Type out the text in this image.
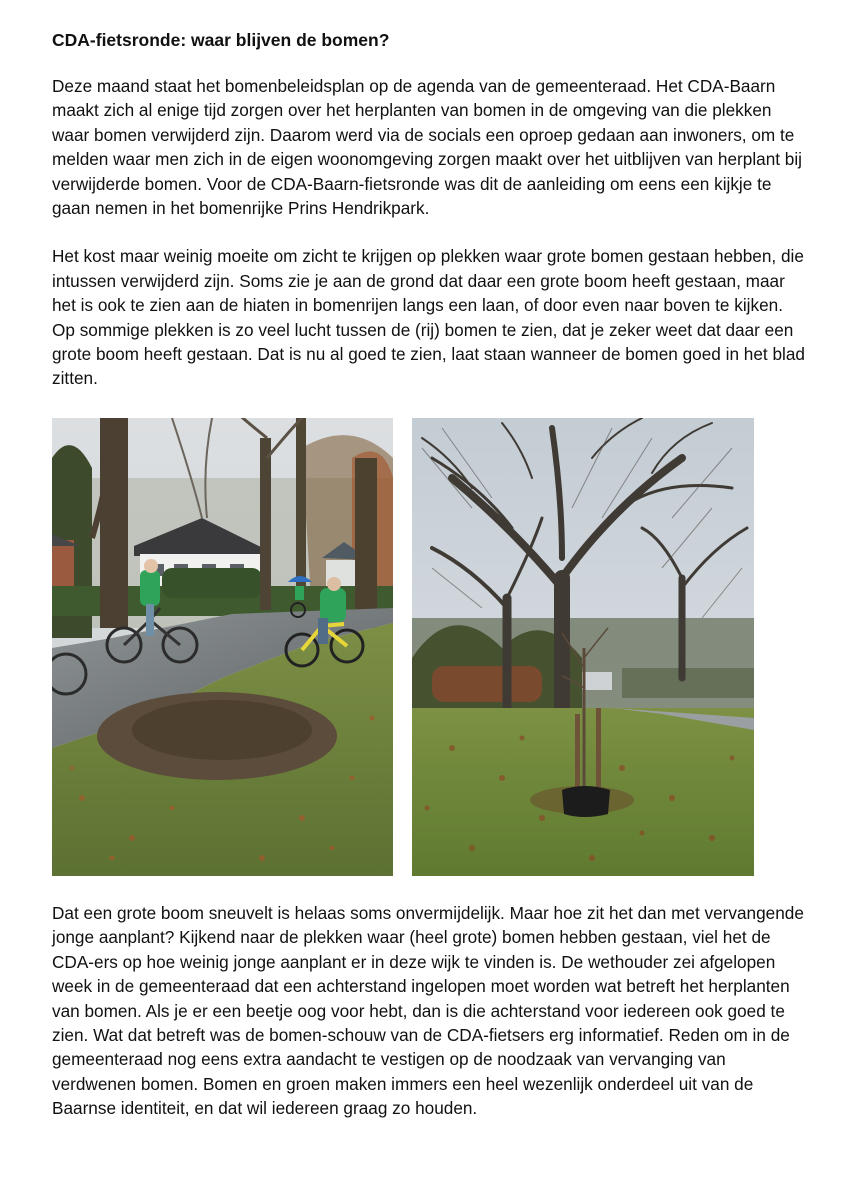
CDA-fietsronde: waar blijven de bomen?

Deze maand staat het bomenbeleidsplan op de agenda van de gemeenteraad. Het CDA-Baarn maakt zich al enige tijd zorgen over het herplanten van bomen in de omgeving van die plekken waar bomen verwijderd zijn. Daarom werd via de socials een oproep gedaan aan inwoners, om te melden waar men zich in de eigen woonomgeving zorgen maakt over het uitblijven van herplant bij verwijderde bomen. Voor de CDA-Baarn-fietsronde was dit de aanleiding om eens een kijkje te gaan nemen in het bomenrijke Prins Hendrikpark.

Het kost maar weinig moeite om zicht te krijgen op plekken waar grote bomen gestaan hebben, die intussen verwijderd zijn. Soms zie je aan de grond dat daar een grote boom heeft gestaan, maar het is ook te zien aan de hiaten in bomenrijen langs een laan, of door even naar boven te kijken. Op sommige plekken is zo veel lucht tussen de (rij) bomen te zien, dat je zeker weet dat daar een grote boom heeft gestaan. Dat is nu al goed te zien, laat staan wanneer de bomen goed in het blad zitten.

Dat een grote boom sneuvelt is helaas soms onvermijdelijk. Maar hoe zit het dan met vervangende jonge aanplant? Kijkend naar de plekken waar (heel grote) bomen hebben gestaan, viel het de CDA-ers op hoe weinig jonge aanplant er in deze wijk te vinden is. De wethouder zei afgelopen week in de gemeenteraad dat een achterstand ingelopen moet worden wat betreft het herplanten van bomen. Als je er een beetje oog voor hebt, dan is die achterstand voor iedereen ook goed te zien. Wat dat betreft was de bomen-schouw van de CDA-fietsers erg informatief. Reden om in de gemeenteraad nog eens extra aandacht te vestigen op de noodzaak van vervanging van verdwenen bomen. Bomen en groen maken immers een heel wezenlijk onderdeel uit van de Baarnse identiteit, en dat wil iedereen graag zo houden.
